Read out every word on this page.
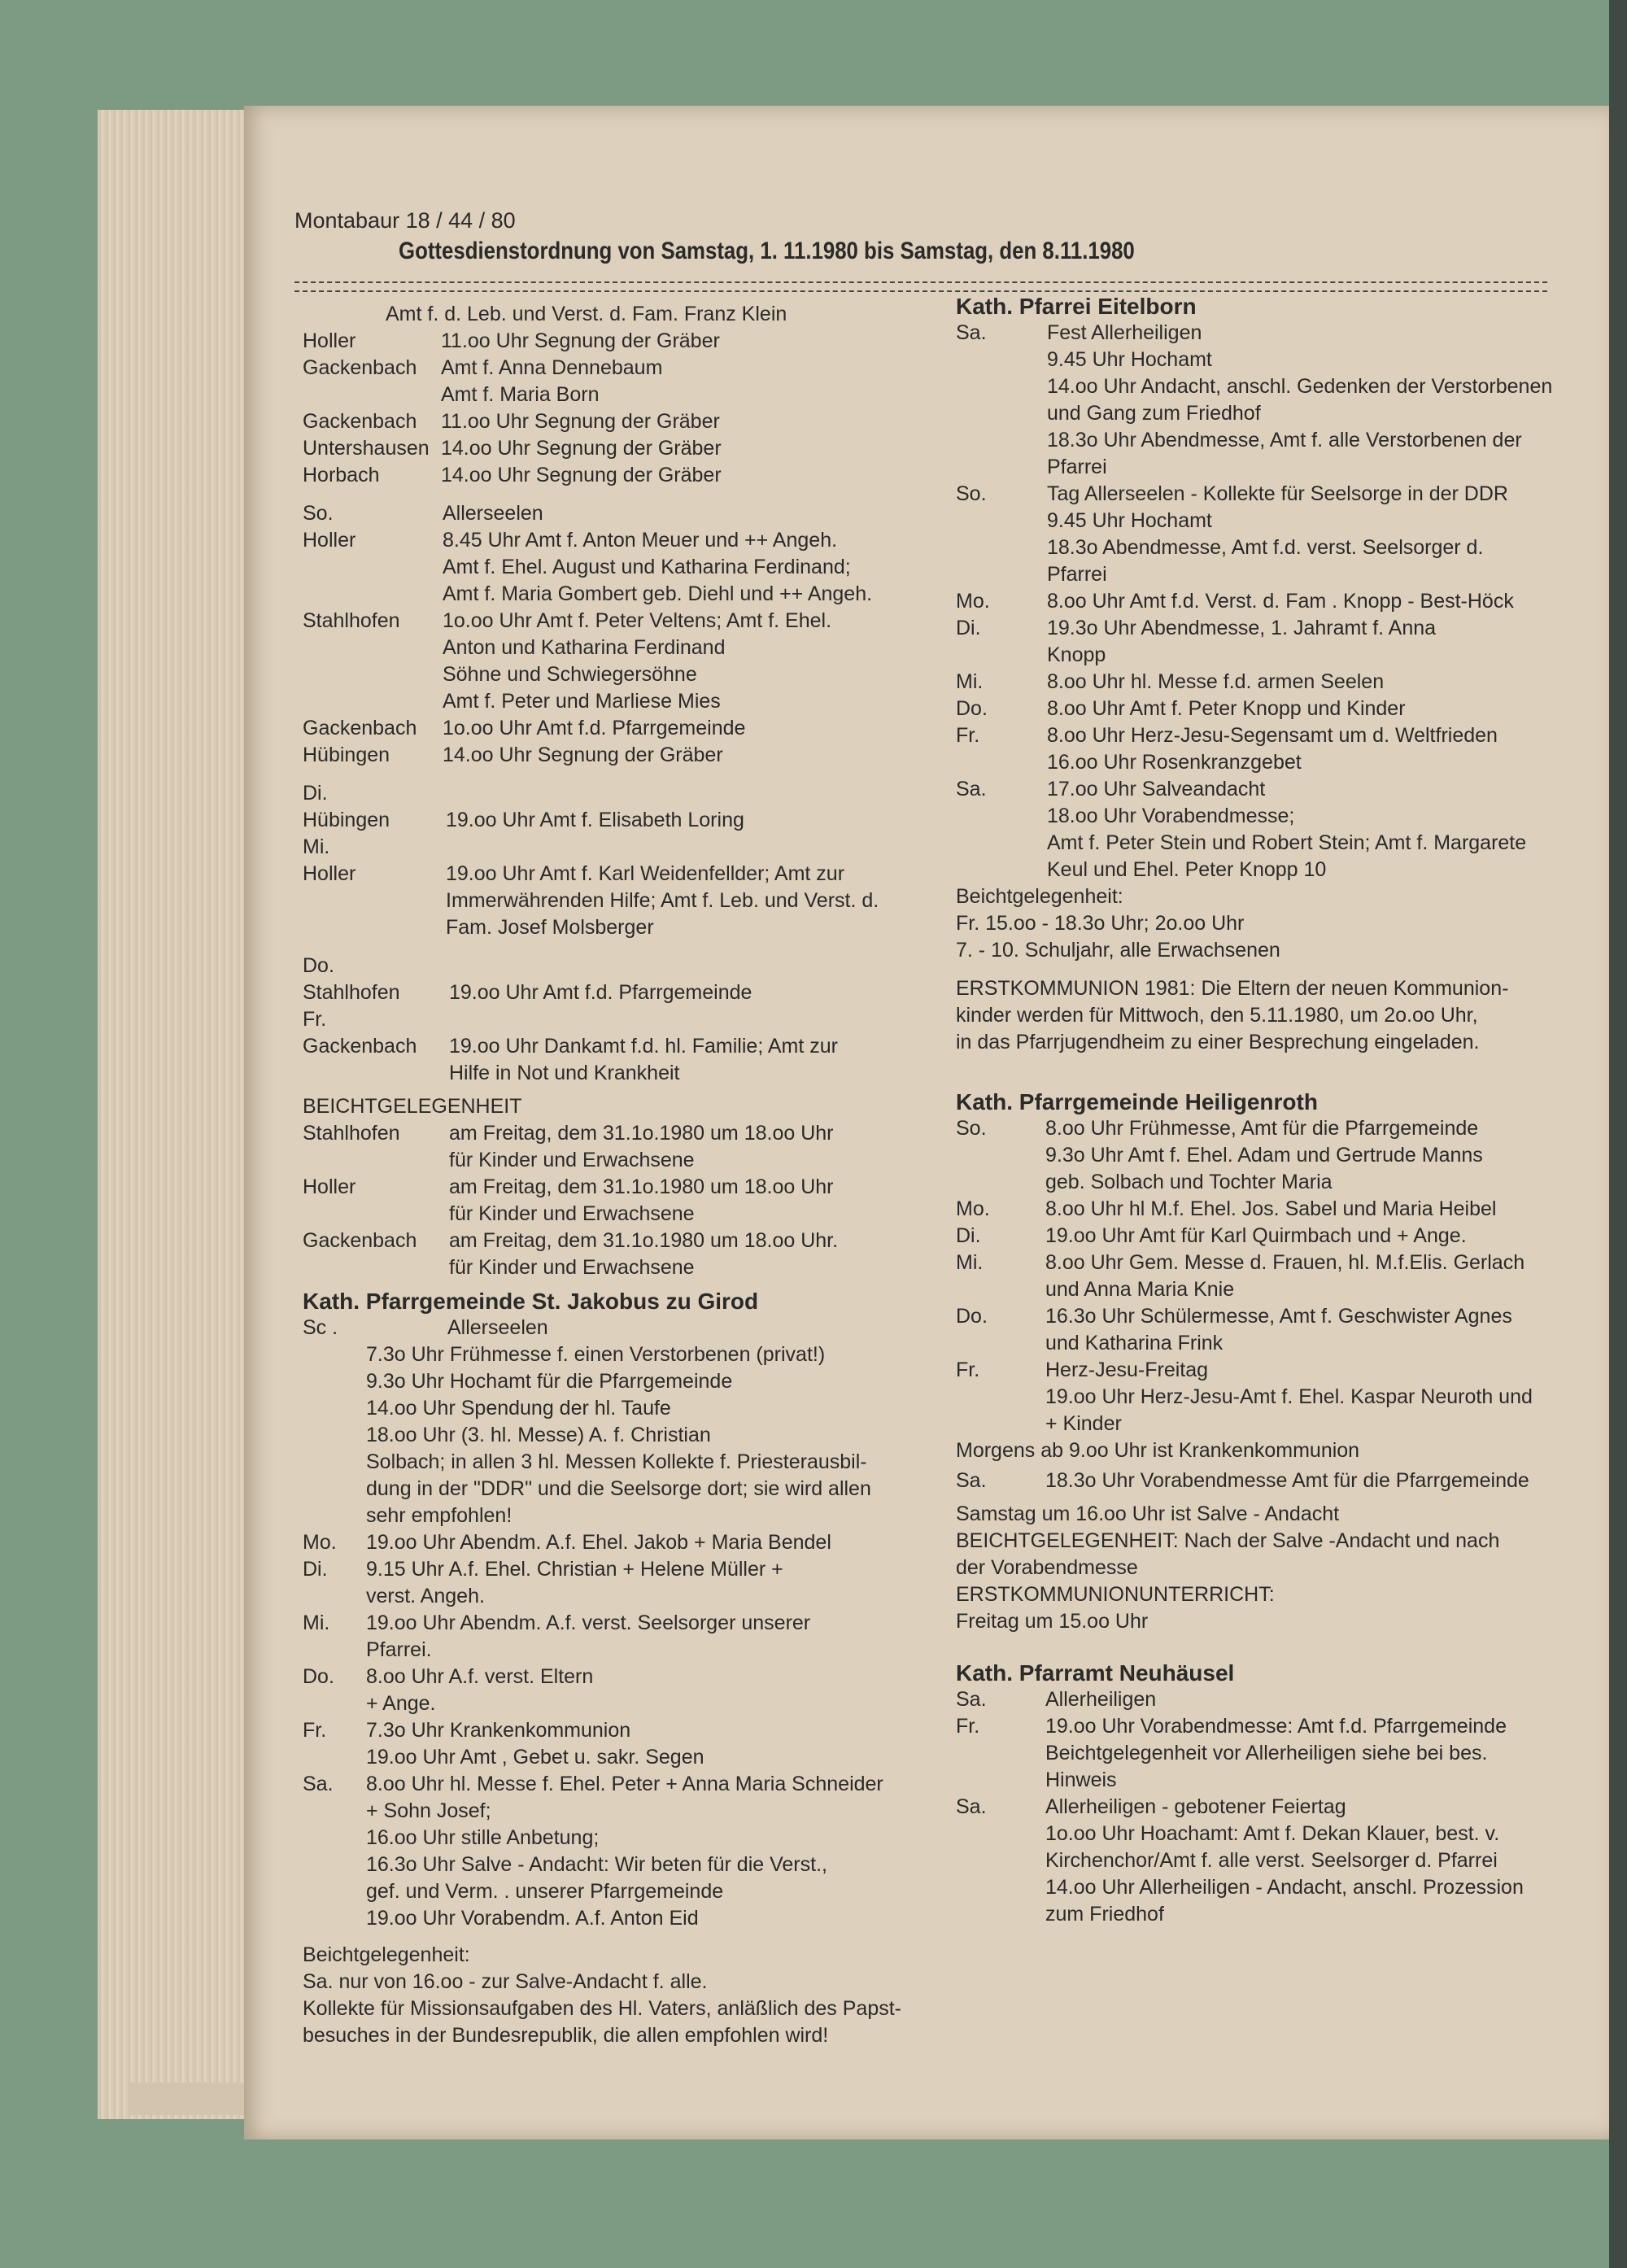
Montabaur 18 / 44 / 80
Gottesdienstordnung von Samstag, 1. 11.1980 bis Samstag, den 8.11.1980
Amt f. d. Leb. und Verst. d. Fam. Franz Klein
Holler	11.oo Uhr Segnung der Gräber
Gackenbach	Amt f. Anna Dennebaum
Amt f. Maria Born
Gackenbach	11.oo Uhr Segnung der Gräber
Untershausen 14.oo Uhr Segnung der Gräber
Horbach	14.oo Uhr Segnung der Gräber
So.	Allerseelen
Holler	8.45 Uhr Amt f. Anton Meuer und ++ Angeh.
Amt f. Ehel. August und Katharina Ferdinand;
Amt f. Maria Gombert geb. Diehl und ++ Angeh.
Stahlhofen	1o.oo Uhr Amt f. Peter Veltens; Amt f. Ehel.
Anton und Katharina Ferdinand
Söhne und Schwiegersöhne
Amt f. Peter und Marliese Mies
Gackenbach	1o.oo Uhr Amt f.d. Pfarrgemeinde
Hübingen	14.oo Uhr Segnung der Gräber
Di.
Hübingen	19.oo Uhr Amt f. Elisabeth Loring
Mi.
Holler	19.oo Uhr Amt f. Karl Weidenfellder; Amt zur
Immerwährenden Hilfe; Amt f. Leb. und Verst. d.
Fam. Josef Molsberger
Do.
Stahlhofen	19.oo Uhr Amt f.d. Pfarrgemeinde
Fr.
Gackenbach	19.oo Uhr Dankamt f.d. hl. Familie; Amt zur
Hilfe in Not und Krankheit
BEICHTGELEGENHEIT
Stahlhofen	am Freitag, dem 31.1o.1980 um 18.oo Uhr
für Kinder und Erwachsene
Holler	am Freitag, dem 31.1o.1980 um 18.oo Uhr
für Kinder und Erwachsene
Gackenbach	am Freitag, dem 31.1o.1980 um 18.oo Uhr.
für Kinder und Erwachsene
Kath. Pfarrgemeinde St. Jakobus zu Girod
Sc .	Allerseelen
7.3o Uhr Frühmesse f. einen Verstorbenen (privat!)
9.3o Uhr Hochamt für die Pfarrgemeinde
14.oo Uhr Spendung der hl. Taufe
18.oo Uhr (3. hl. Messe) A. f. Christian
Solbach; in allen 3 hl. Messen Kollekte f. Priesterausbil-
dung in der "DDR" und die Seelsorge dort; sie wird allen
sehr empfohlen!
Mo.	19.oo Uhr Abendm. A.f. Ehel. Jakob + Maria Bendel
Di.	9.15 Uhr A.f. Ehel. Christian + Helene Müller +
verst. Angeh.
Mi.	19.oo Uhr Abendm. A.f. verst. Seelsorger unserer
Pfarrei.
Do.	8.oo Uhr A.f. verst. Eltern
+ Ange.
Fr.	7.3o Uhr Krankenkommunion
19.oo Uhr Amt , Gebet u. sakr. Segen
Sa.	8.oo Uhr hl. Messe f. Ehel. Peter + Anna Maria Schneider
+ Sohn Josef;
16.oo Uhr stille Anbetung;
16.3o Uhr Salve - Andacht: Wir beten für die Verst.,
gef. und Verm. . unserer Pfarrgemeinde
19.oo Uhr Vorabendm. A.f. Anton Eid
Beichtgelegenheit:
Sa. nur von 16.oo - zur Salve-Andacht f. alle.
Kollekte für Missionsaufgaben des Hl. Vaters, anläßlich des Papst-
besuches in der Bundesrepublik, die allen empfohlen wird!
Kath. Pfarrei Eitelborn
Sa.	Fest Allerheiligen
9.45 Uhr Hochamt
14.oo Uhr Andacht, anschl. Gedenken der Verstorbenen
und Gang zum Friedhof
18.3o Uhr Abendmesse, Amt f. alle Verstorbenen der
Pfarrei
So.	Tag Allerseelen - Kollekte für Seelsorge in der DDR
9.45 Uhr Hochamt
18.3o Abendmesse, Amt f.d. verst. Seelsorger d.
Pfarrei
Mo.	8.oo Uhr Amt f.d. Verst. d. Fam . Knopp - Best-Höck
Di.	19.3o Uhr Abendmesse, 1. Jahramt f. Anna
Knopp
Mi.	8.oo Uhr hl. Messe f.d. armen Seelen
Do.	8.oo Uhr Amt f. Peter Knopp und Kinder
Fr.	8.oo Uhr Herz-Jesu-Segensamt um d. Weltfrieden
16.oo Uhr Rosenkranzgebet
Sa.	17.oo Uhr Salveandacht
18.oo Uhr Vorabendmesse;
Amt f. Peter Stein und Robert Stein; Amt f. Margarete
Keul und Ehel. Peter Knopp 10
Beichtgelegenheit:
Fr. 15.oo - 18.3o Uhr; 2o.oo Uhr
7. - 10. Schuljahr, alle Erwachsenen
ERSTKOMMUNION 1981: Die Eltern der neuen Kommunion-
kinder werden für Mittwoch, den 5.11.1980, um 2o.oo Uhr,
in das Pfarrjugendheim zu einer Besprechung eingeladen.
Kath. Pfarrgemeinde Heiligenroth
So.	8.oo Uhr Frühmesse, Amt für die Pfarrgemeinde
9.3o Uhr Amt f. Ehel. Adam und Gertrude Manns
geb. Solbach und Tochter Maria
Mo.	8.oo Uhr hl M.f. Ehel. Jos. Sabel und Maria Heibel
Di.	19.oo Uhr Amt für Karl Quirmbach und + Ange.
Mi.	8.oo Uhr Gem. Messe d. Frauen, hl. M.f.Elis. Gerlach
und Anna Maria Knie
Do.	16.3o Uhr Schülermesse, Amt f. Geschwister Agnes
und Katharina Frink
Fr.	Herz-Jesu-Freitag
19.oo Uhr Herz-Jesu-Amt f. Ehel. Kaspar Neuroth und
+ Kinder
Morgens ab 9.oo Uhr ist Krankenkommunion
Sa.	18.3o Uhr Vorabendmesse Amt für die Pfarrgemeinde
Samstag um 16.oo Uhr ist Salve - Andacht
BEICHTGELEGENHEIT: Nach der Salve -Andacht und nach
der Vorabendmesse
ERSTKOMMUNIONUNTERRICHT:
Freitag um 15.oo Uhr
Kath. Pfarramt Neuhäusel
Sa.	Allerheiligen
Fr.	19.oo Uhr Vorabendmesse: Amt f.d. Pfarrgemeinde
Beichtgelegenheit vor Allerheiligen siehe bei bes.
Hinweis
Sa.	Allerheiligen - gebotener Feiertag
1o.oo Uhr Hoachamt: Amt f. Dekan Klauer, best. v.
Kirchenchor/Amt f. alle verst. Seelsorger d. Pfarrei
14.oo Uhr Allerheiligen - Andacht, anschl. Prozession
zum Friedhof
